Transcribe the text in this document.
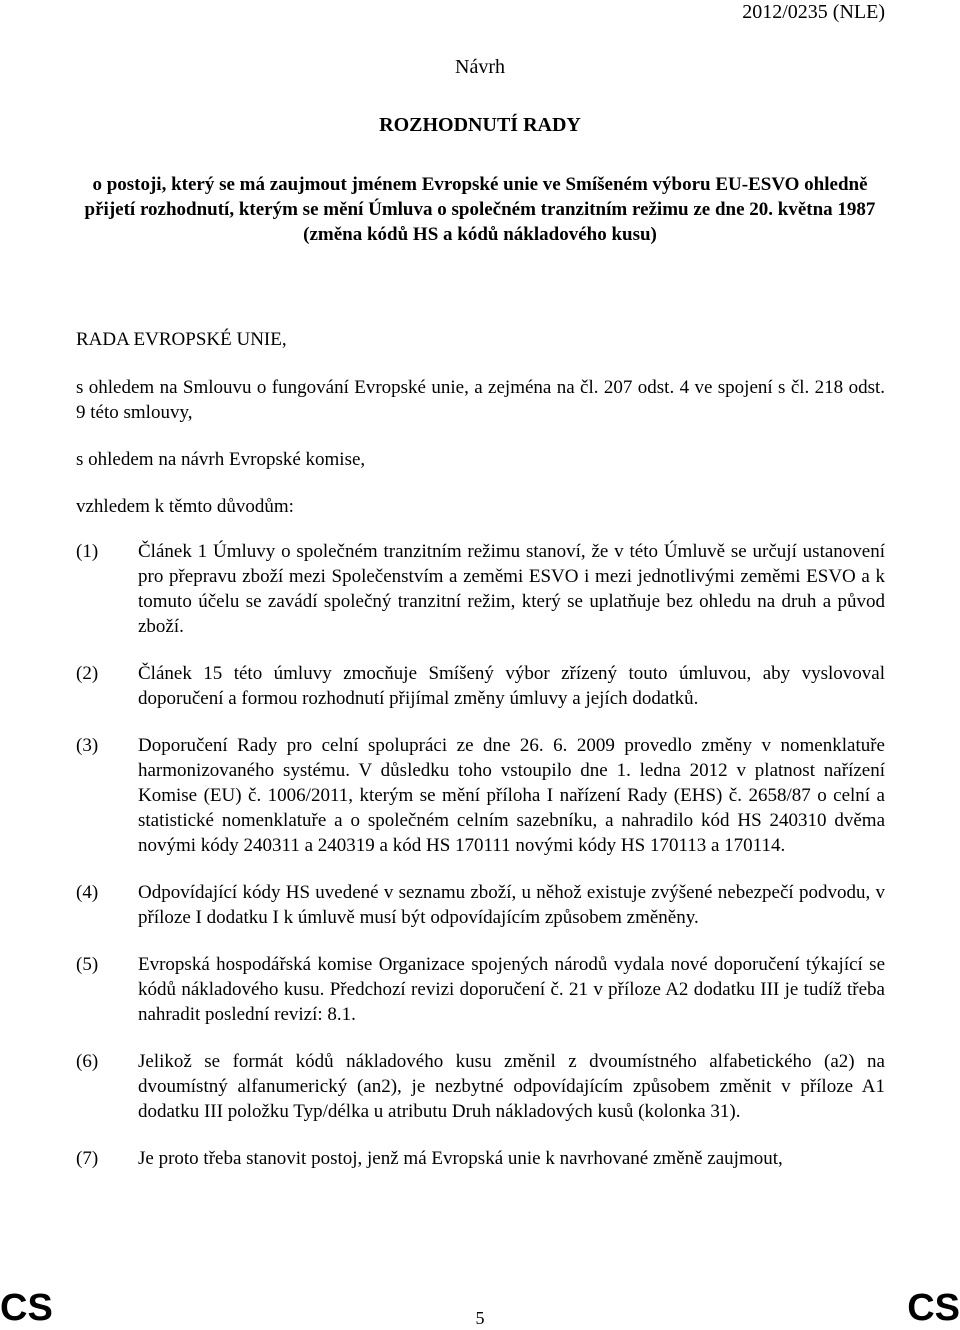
2012/0235 (NLE)
Návrh
ROZHODNUTÍ RADY
o postoji, který se má zaujmout jménem Evropské unie ve Smíšeném výboru EU-ESVO ohledně přijetí rozhodnutí, kterým se mění Úmluva o společném tranzitním režimu ze dne 20. května 1987 (změna kódů HS a kódů nákladového kusu)
RADA EVROPSKÉ UNIE,
s ohledem na Smlouvu o fungování Evropské unie, a zejména na čl. 207 odst. 4 ve spojení s čl. 218 odst. 9 této smlouvy,
s ohledem na návrh Evropské komise,
vzhledem k těmto důvodům:
(1)	Článek 1 Úmluvy o společném tranzitním režimu stanoví, že v této Úmluvě se určují ustanovení pro přepravu zboží mezi Společenstvím a zeměmi ESVO i mezi jednotlivými zeměmi ESVO a k tomuto účelu se zavádí společný tranzitní režim, který se uplatňuje bez ohledu na druh a původ zboží.
(2)	Článek 15 této úmluvy zmocňuje Smíšený výbor zřízený touto úmluvou, aby vyslovoval doporučení a formou rozhodnutí přijímal změny úmluvy a jejích dodatků.
(3)	Doporučení Rady pro celní spolupráci ze dne 26. 6. 2009 provedlo změny v nomenklatuře harmonizovaného systému. V důsledku toho vstoupilo dne 1. ledna 2012 v platnost nařízení Komise (EU) č. 1006/2011, kterým se mění příloha I nařízení Rady (EHS) č. 2658/87 o celní a statistické nomenklatuře a o společném celním sazebníku, a nahradilo kód HS 240310 dvěma novými kódy 240311 a 240319 a kód HS 170111 novými kódy HS 170113 a 170114.
(4)	Odpovídající kódy HS uvedené v seznamu zboží, u něhož existuje zvýšené nebezpečí podvodu, v příloze I dodatku I k úmluvě musí být odpovídajícím způsobem změněny.
(5)	Evropská hospodářská komise Organizace spojených národů vydala nové doporučení týkající se kódů nákladového kusu. Předchozí revizi doporučení č. 21 v příloze A2 dodatku III je tudíž třeba nahradit poslední revizí: 8.1.
(6)	Jelikož se formát kódů nákladového kusu změnil z dvoumístného alfabetického (a2) na dvoumístný alfanumerický (an2), je nezbytné odpovídajícím způsobem změnit v příloze A1 dodatku III položku Typ/délka u atributu Druh nákladových kusů (kolonka 31).
(7)	Je proto třeba stanovit postoj, jenž má Evropská unie k navrhované změně zaujmout,
CS	5	CS
